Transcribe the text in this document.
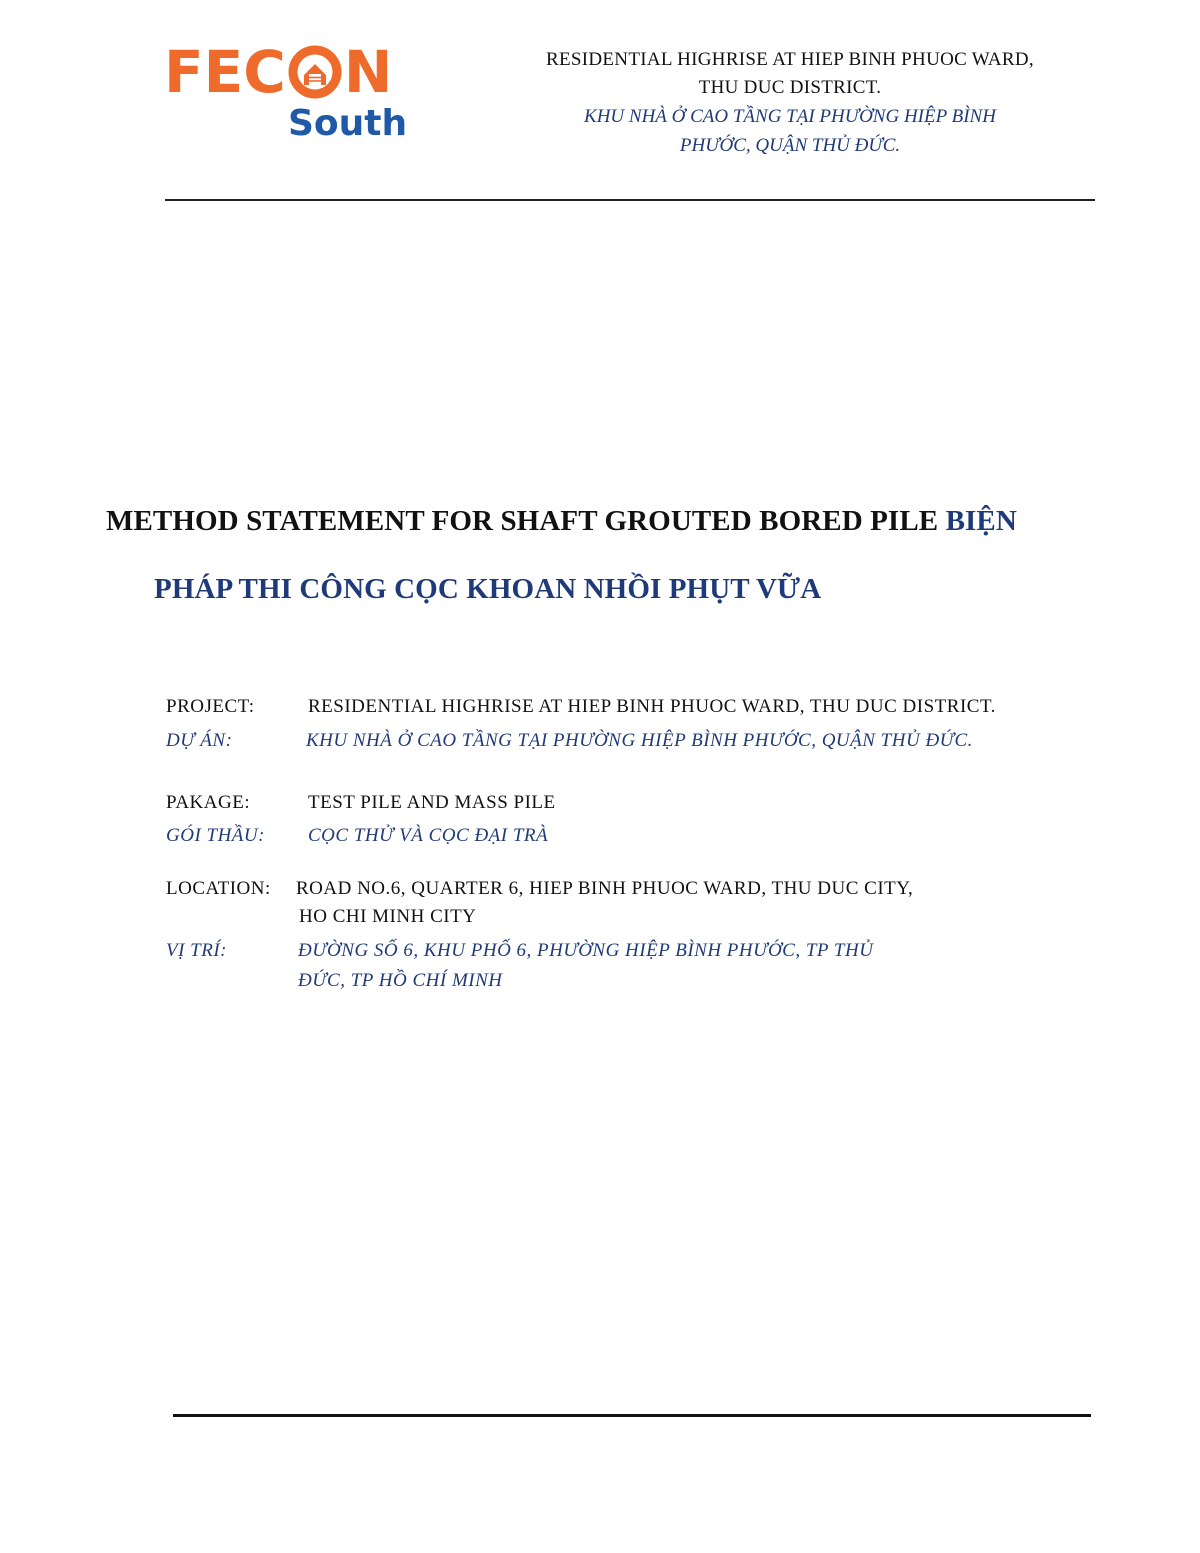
FEC N
South
RESIDENTIAL HIGHRISE AT HIEP BINH PHUOC WARD,
THU DUC DISTRICT.
KHU NHÀ Ở CAO TẦNG TẠI PHƯỜNG HIỆP BÌNH
PHƯỚC, QUẬN THỦ ĐỨC.
METHOD STATEMENT FOR SHAFT GROUTED BORED PILE BIỆN
PHÁP THI CÔNG CỌC KHOAN NHỒI PHỤT VỮA
PROJECT:	RESIDENTIAL HIGHRISE AT HIEP BINH PHUOC WARD, THU DUC DISTRICT.
DỰ ÁN:	KHU NHÀ Ở CAO TẦNG TẠI PHƯỜNG HIỆP BÌNH PHƯỚC, QUẬN THỦ ĐỨC.
PAKAGE:	TEST PILE AND MASS PILE
GÓI THẦU: CỌC THỬ VÀ CỌC ĐẠI TRÀ
LOCATION: ROAD NO.6, QUARTER 6, HIEP BINH PHUOC WARD, THU DUC CITY,
HO CHI MINH CITY
VỊ TRÍ:	ĐƯỜNG SỐ 6, KHU PHỐ 6, PHƯỜNG HIỆP BÌNH PHƯỚC, TP THỦ
ĐỨC, TP HỒ CHÍ MINH
